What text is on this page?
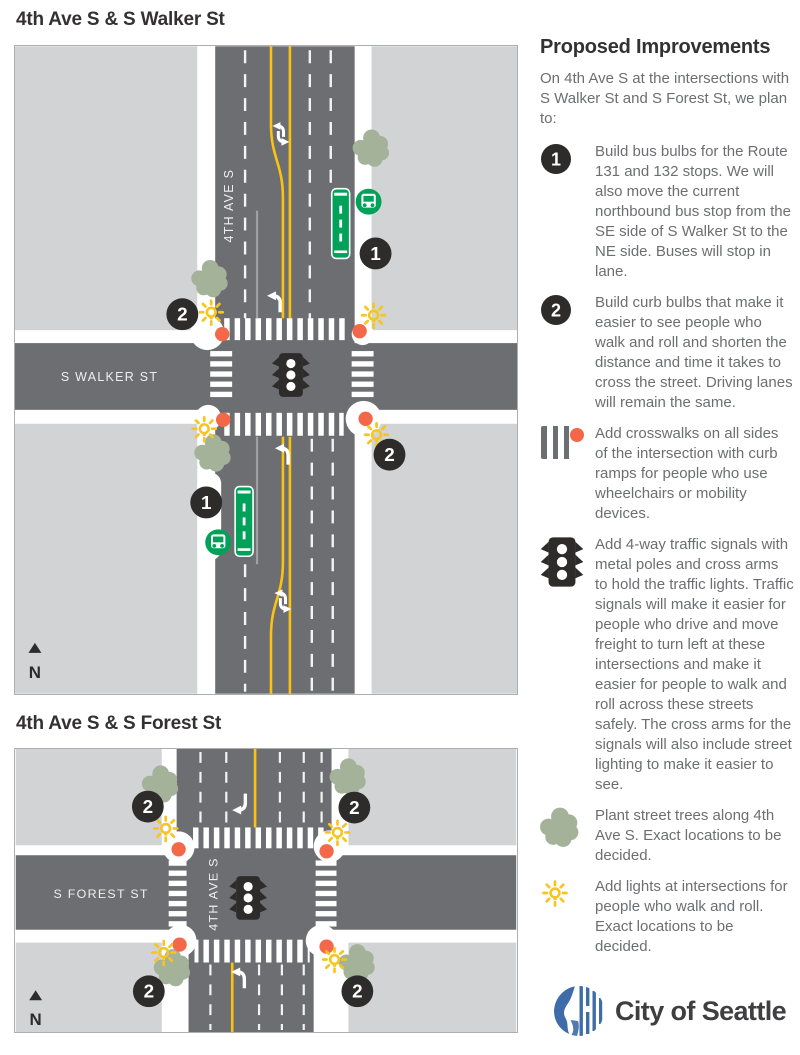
4th Ave S & S Walker St
4TH AVE S
S WALKER ST
1
1
2
2
N
4th Ave S & S Forest St
4TH AVE S
S FOREST ST
2	2
2	2
N
Proposed Improvements

On 4th Ave S at the intersections with S Walker St and S Forest St, we plan to:

1 Build bus bulbs for the Route 131 and 132 stops. We will also move the current northbound bus stop from the SE side of S Walker St to the NE side. Buses will stop in lane.

2 Build curb bulbs that make it easier to see people who walk and roll and shorten the distance and time it takes to cross the street. Driving lanes will remain the same.

Add crosswalks on all sides of the intersection with curb ramps for people who use wheelchairs or mobility devices.

Add 4-way traffic signals with metal poles and cross arms to hold the traffic lights. Traffic signals will make it easier for people who drive and move freight to turn left at these intersections and make it easier for people to walk and roll across these streets safely. The cross arms for the signals will also include street lighting to make it easier to see.

Plant street trees along 4th Ave S. Exact locations to be decided.

Add lights at intersections for people who walk and roll. Exact locations to be decided.

City of Seattle
